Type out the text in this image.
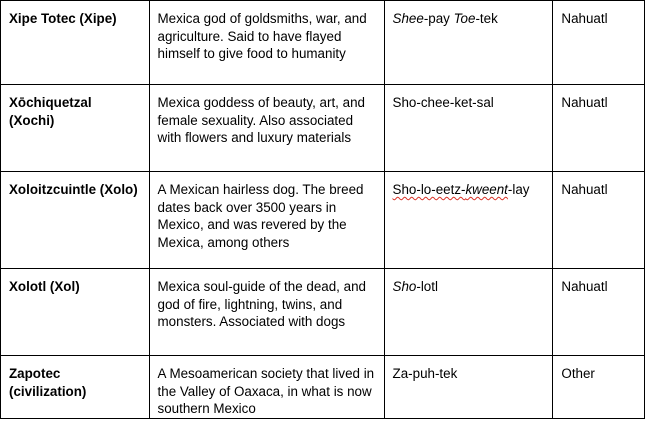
Xipe Totec (Xipe)	Mexica god of goldsmiths, war, and agriculture. Said to have flayed himself to give food to humanity	Shee-pay Toe-tek	Nahuatl
Xōchiquetzal (Xochi)	Mexica goddess of beauty, art, and female sexuality. Also associated with flowers and luxury materials	Sho-chee-ket-sal	Nahuatl
Xoloitzcuintle (Xolo)	A Mexican hairless dog. The breed dates back over 3500 years in Mexico, and was revered by the Mexica, among others	Sho-lo-eetz-kweent-lay	Nahuatl
Xolotl (Xol)	Mexica soul-guide of the dead, and god of fire, lightning, twins, and monsters. Associated with dogs	Sho-lotl	Nahuatl
Zapotec (civilization)	A Mesoamerican society that lived in the Valley of Oaxaca, in what is now southern Mexico	Za-puh-tek	Other
